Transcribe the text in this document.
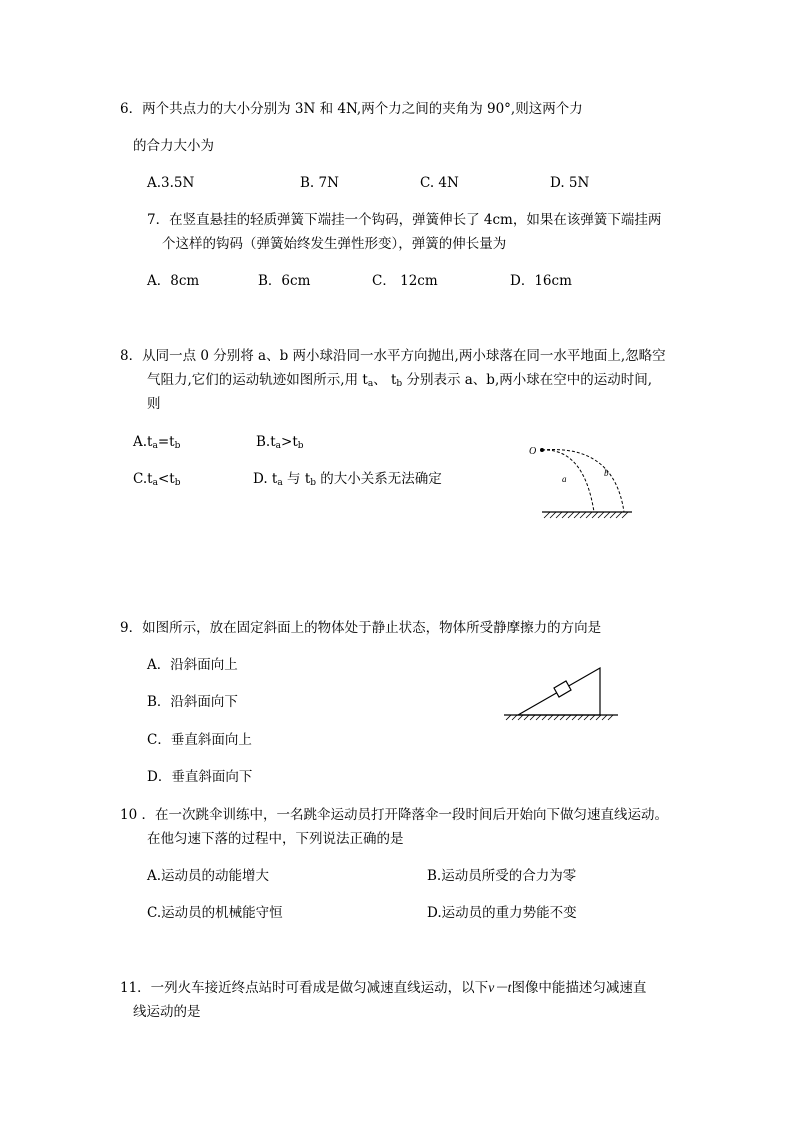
6．两个共点力的大小分别为 3N 和 4N,两个力之间的夹角为 90°,则这两个力
的合力大小为
A.3.5N	B. 7N	C. 4N	D. 5N
7．在竖直悬挂的轻质弹簧下端挂一个钩码，弹簧伸长了 4cm，如果在该弹簧下端挂两
个这样的钩码（弹簧始终发生弹性形变），弹簧的伸长量为
A．8cm	B．6cm	C． 12cm	D．16cm
8．从同一点 0 分别将 a、b 两小球沿同一水平方向抛出,两小球落在同一水平地面上,忽略空
气阻力,它们的运动轨迹如图所示,用 $t_a$、 $t_b$ 分别表示 a、b,两小球在空中的运动时间,
则
$A.t_a=t_b$	$B.t_a>t_b$
$C.t_a<t_b$	D. $t_a$ 与 $t_b$ 的大小关系无法确定
O
a
b
9．如图所示，放在固定斜面上的物体处于静止状态，物体所受静摩擦力的方向是
A．沿斜面向上
B．沿斜面向下
C．垂直斜面向上
D．垂直斜面向下
10 ．在一次跳伞训练中，一名跳伞运动员打开降落伞一段时间后开始向下做匀速直线运动。
在他匀速下落的过程中，下列说法正确的是
A.运动员的动能增大	B.运动员所受的合力为零
C.运动员的机械能守恒	D.运动员的重力势能不变
11．一列火车接近终点站时可看成是做匀减速直线运动，以下v－t图像中能描述匀减速直
线运动的是
